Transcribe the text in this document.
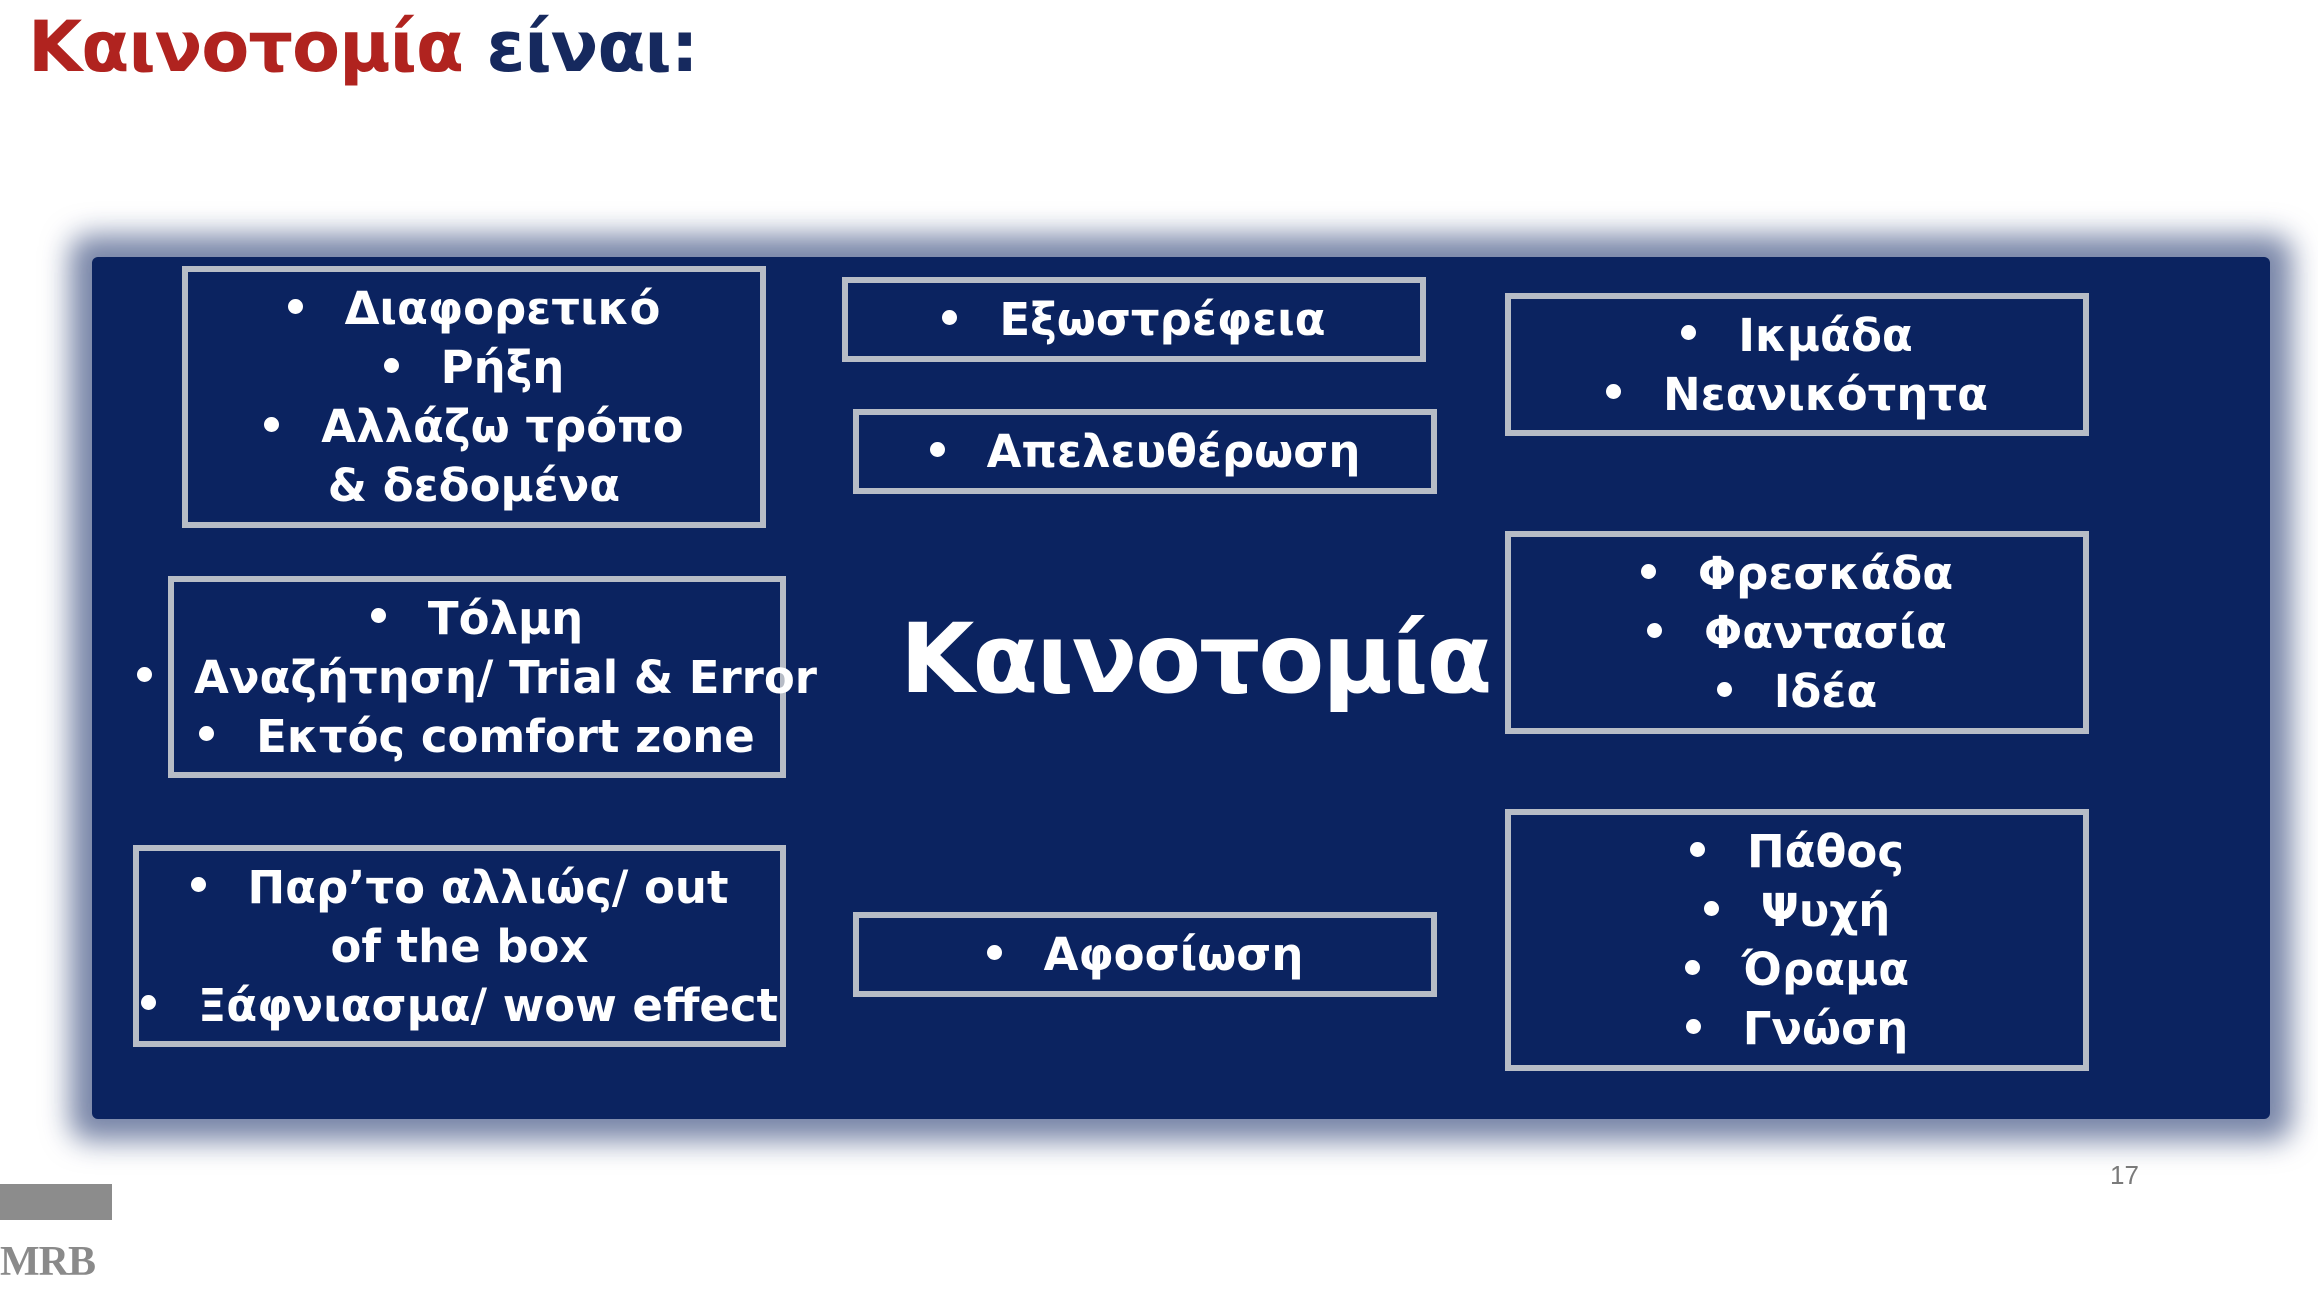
Καινοτομία είναι:
Διαφορετικό
Ρήξη
Αλλάζω τρόπο & δεδομένα
Τόλμη
Αναζήτηση/ Trial & Error
Εκτός comfort zone
Παρ’το αλλιώς/ out of the box
Ξάφνιασμα/ wow effect
Εξωστρέφεια
Απελευθέρωση
Καινοτομία
Αφοσίωση
Ικμάδα
Νεανικότητα
Φρεσκάδα
Φαντασία
Ιδέα
Πάθος
Ψυχή
Όραμα
Γνώση
17
MRB
